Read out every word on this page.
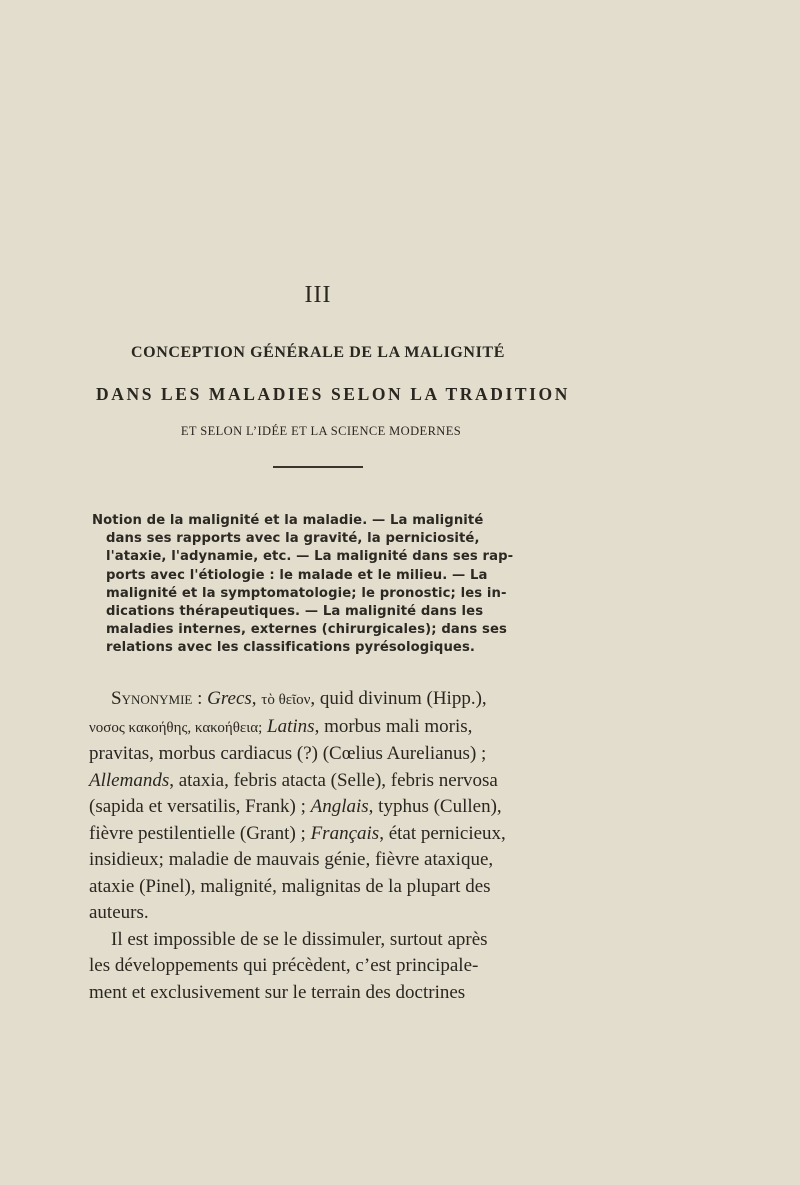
III
CONCEPTION GÉNÉRALE DE LA MALIGNITÉ
DANS LES MALADIES SELON LA TRADITION
ET SELON L’IDÉE ET LA SCIENCE MODERNES
Notion de la malignité et la maladie. — La malignité
dans ses rapports avec la gravité, la perniciosité,
l'ataxie, l'adynamie, etc. — La malignité dans ses rap-
ports avec l'étiologie : le malade et le milieu. — La
malignité et la symptomatologie; le pronostic; les in-
dications thérapeutiques. — La malignité dans les
maladies internes, externes (chirurgicales); dans ses
relations avec les classifications pyrésologiques.
Synonymie : Grecs, τὸ θεῖον, quid divinum (Hipp.),
νοσος κακοήθης, κακοήθεια; Latins, morbus mali moris,
pravitas, morbus cardiacus (?) (Cœlius Aurelianus) ;
Allemands, ataxia, febris atacta (Selle), febris nervosa
(sapida et versatilis, Frank) ; Anglais, typhus (Cullen),
fièvre pestilentielle (Grant) ; Français, état pernicieux,
insidieux; maladie de mauvais génie, fièvre ataxique,
ataxie (Pinel), malignité, malignitas de la plupart des
auteurs.
Il est impossible de se le dissimuler, surtout après
les développements qui précèdent, c’est principale-
ment et exclusivement sur le terrain des doctrines
